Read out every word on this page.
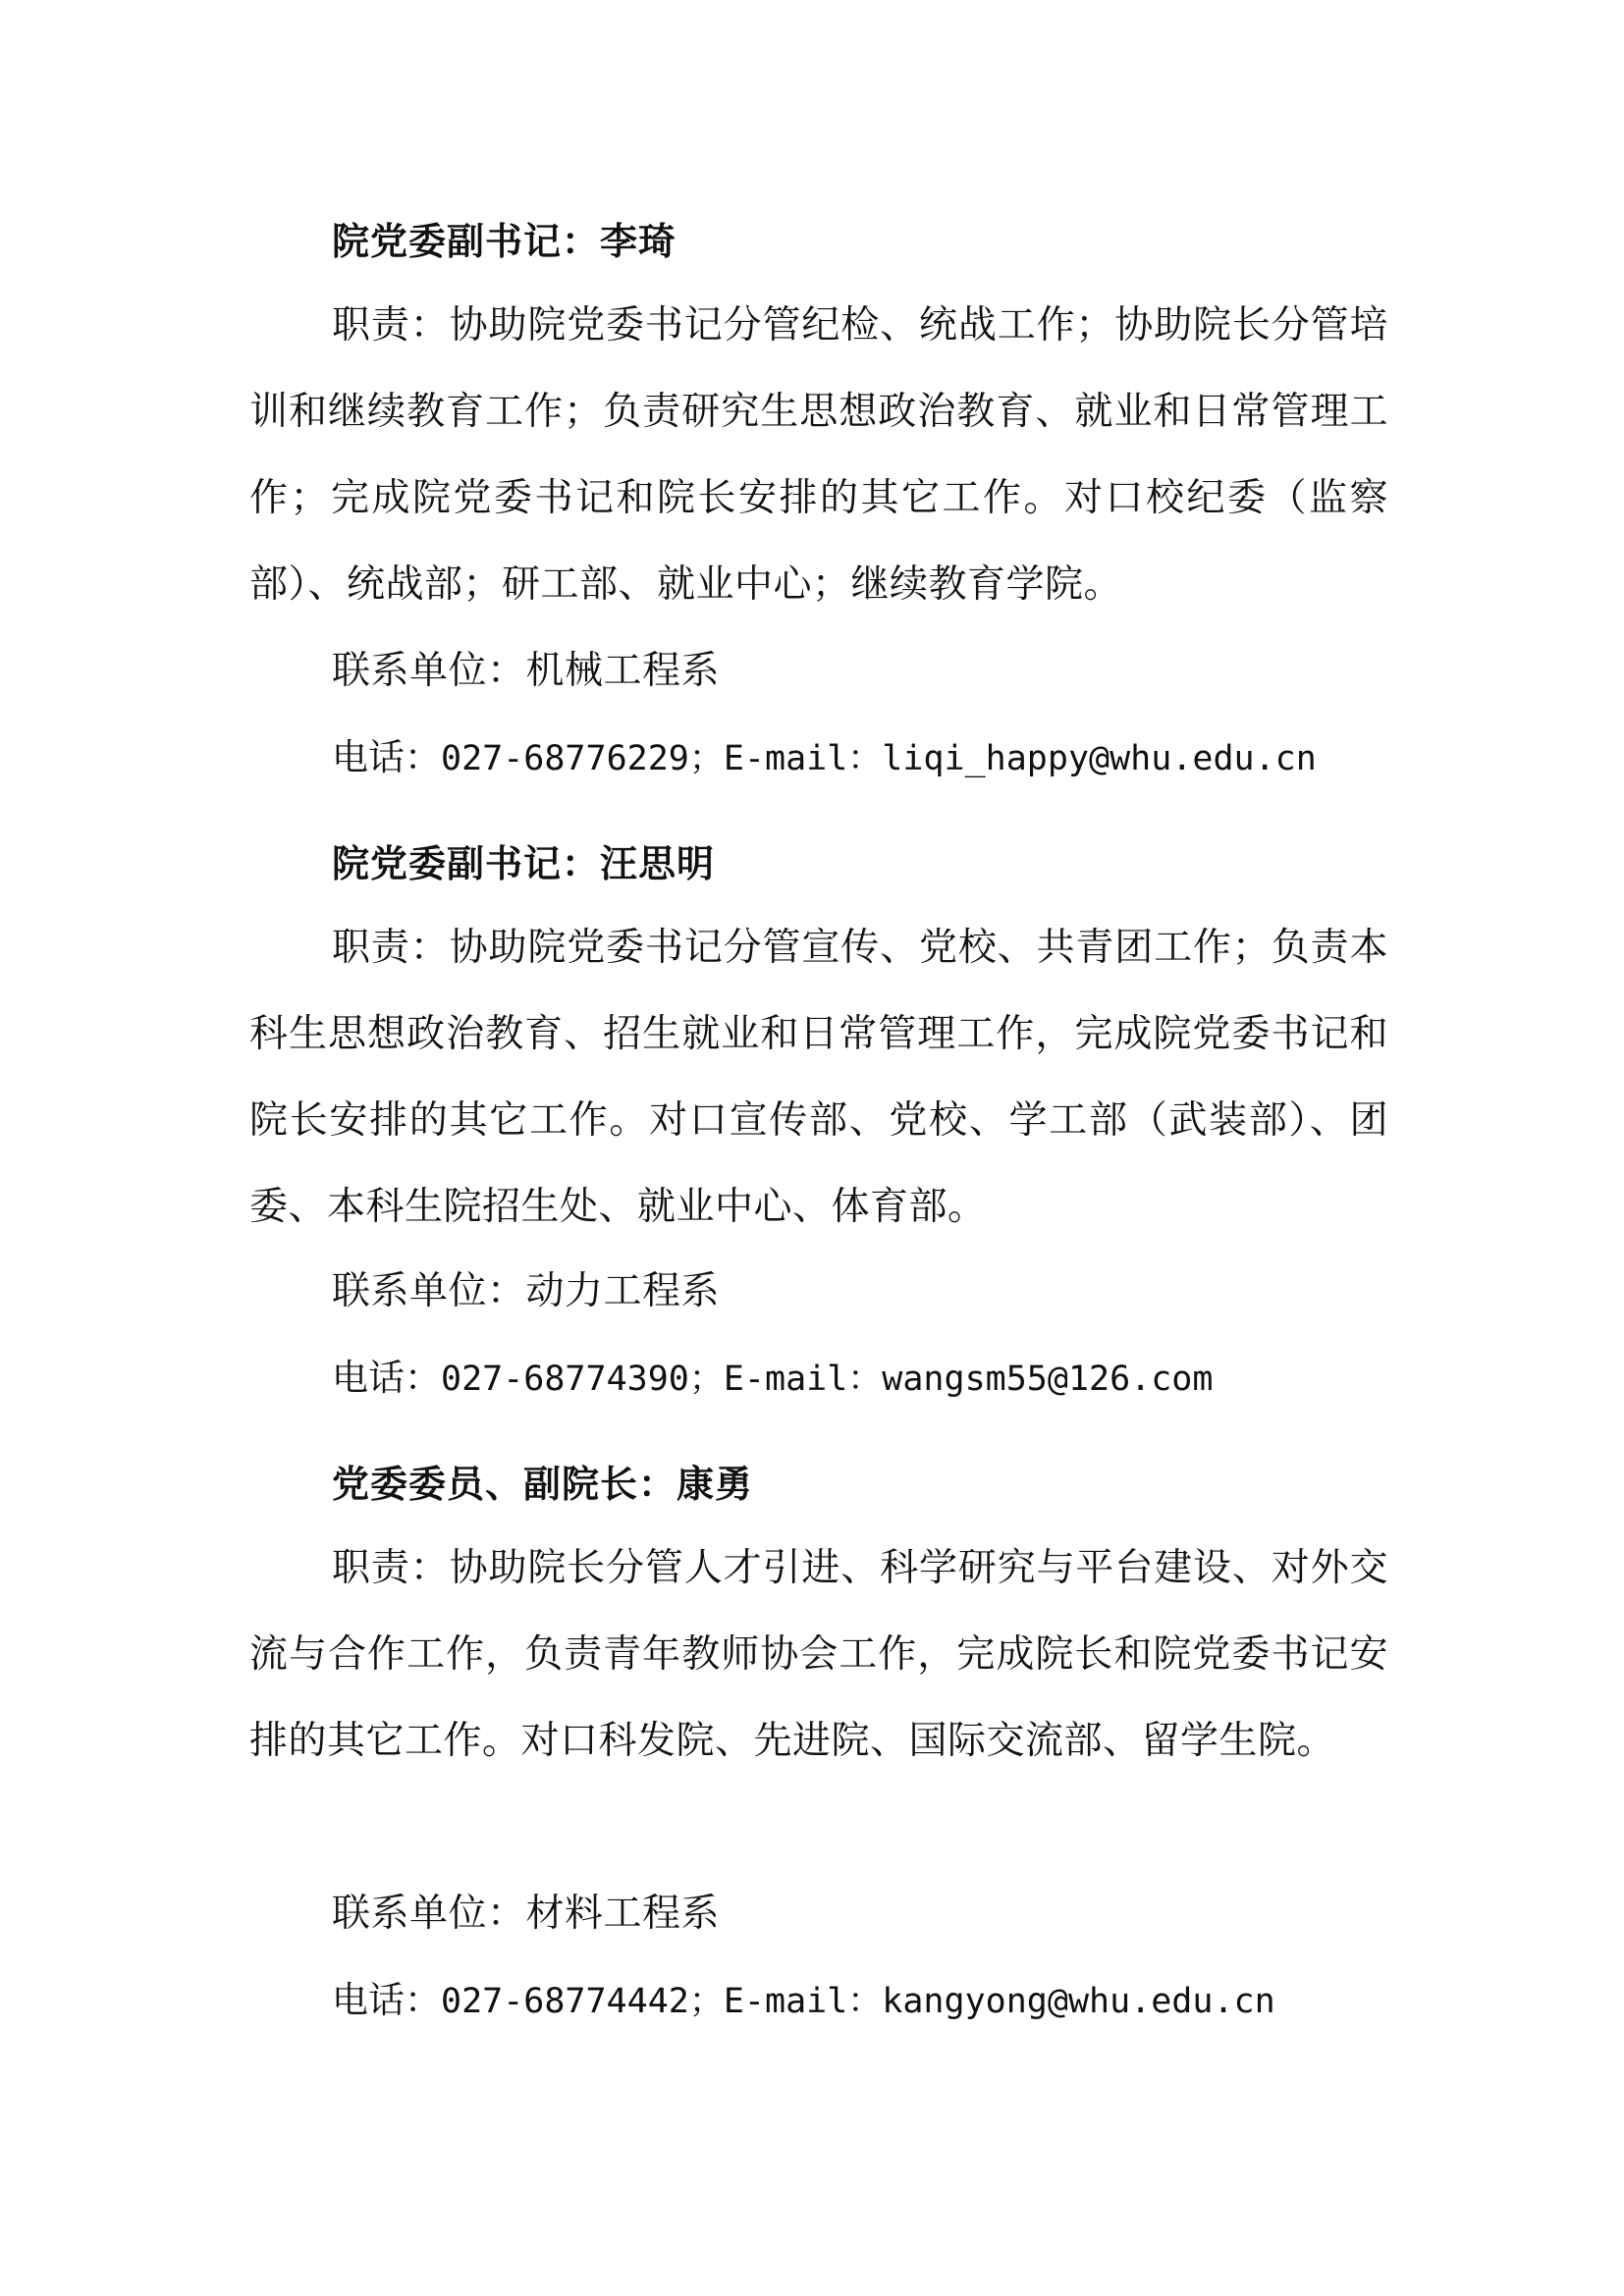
院党委副书记：李琦

职责：协助院党委书记分管纪检、统战工作；协助院长分管培训和继续教育工作；负责研究生思想政治教育、就业和日常管理工作；完成院党委书记和院长安排的其它工作。对口校纪委（监察部）、统战部；研工部、就业中心；继续教育学院。

联系单位：机械工程系

电话：027-68776229；E-mail：liqi_happy@whu.edu.cn

院党委副书记：汪思明

职责：协助院党委书记分管宣传、党校、共青团工作；负责本科生思想政治教育、招生就业和日常管理工作，完成院党委书记和院长安排的其它工作。对口宣传部、党校、学工部（武装部）、团委、本科生院招生处、就业中心、体育部。

联系单位：动力工程系

电话：027-68774390；E-mail：wangsm55@126.com

党委委员、副院长：康勇

职责：协助院长分管人才引进、科学研究与平台建设、对外交流与合作工作，负责青年教师协会工作，完成院长和院党委书记安排的其它工作。对口科发院、先进院、国际交流部、留学生院。

联系单位：材料工程系

电话：027-68774442；E-mail：kangyong@whu.edu.cn
